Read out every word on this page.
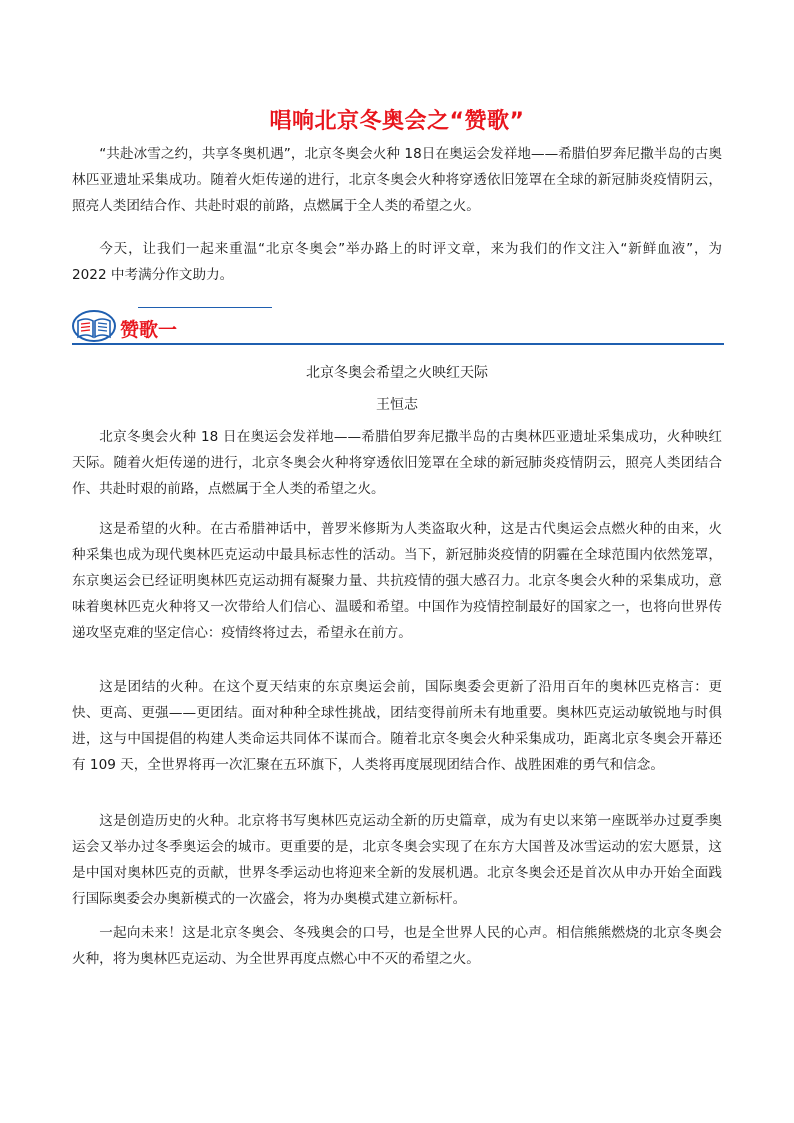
唱响北京冬奥会之“赞歌”

“共赴冰雪之约，共享冬奥机遇”，北京冬奥会火种 18日在奥运会发祥地——希腊伯罗奔尼撒半岛的古奥林匹亚遗址采集成功。随着火炬传递的进行，北京冬奥会火种将穿透依旧笼罩在全球的新冠肺炎疫情阴云，照亮人类团结合作、共赴时艰的前路，点燃属于全人类的希望之火。

今天，让我们一起来重温“北京冬奥会”举办路上的时评文章，来为我们的作文注入“新鲜血液”，为 2022 中考满分作文助力。

赞歌一
北京冬奥会希望之火映红天际
王恒志

北京冬奥会火种 18 日在奥运会发祥地——希腊伯罗奔尼撒半岛的古奥林匹亚遗址采集成功，火种映红天际。随着火炬传递的进行，北京冬奥会火种将穿透依旧笼罩在全球的新冠肺炎疫情阴云，照亮人类团结合作、共赴时艰的前路，点燃属于全人类的希望之火。

这是希望的火种。在古希腊神话中，普罗米修斯为人类盗取火种，这是古代奥运会点燃火种的由来，火种采集也成为现代奥林匹克运动中最具标志性的活动。当下，新冠肺炎疫情的阴霾在全球范围内依然笼罩，东京奥运会已经证明奥林匹克运动拥有凝聚力量、共抗疫情的强大感召力。北京冬奥会火种的采集成功，意味着奥林匹克火种将又一次带给人们信心、温暖和希望。中国作为疫情控制最好的国家之一，也将向世界传递攻坚克难的坚定信心：疫情终将过去，希望永在前方。

这是团结的火种。在这个夏天结束的东京奥运会前，国际奥委会更新了沿用百年的奥林匹克格言：更快、更高、更强——更团结。面对种种全球性挑战，团结变得前所未有地重要。奥林匹克运动敏锐地与时俱进，这与中国提倡的构建人类命运共同体不谋而合。随着北京冬奥会火种采集成功，距离北京冬奥会开幕还有 109 天，全世界将再一次汇聚在五环旗下，人类将再度展现团结合作、战胜困难的勇气和信念。

这是创造历史的火种。北京将书写奥林匹克运动全新的历史篇章，成为有史以来第一座既举办过夏季奥运会又举办过冬季奥运会的城市。更重要的是，北京冬奥会实现了在东方大国普及冰雪运动的宏大愿景，这是中国对奥林匹克的贡献，世界冬季运动也将迎来全新的发展机遇。北京冬奥会还是首次从申办开始全面践行国际奥委会办奥新模式的一次盛会，将为办奥模式建立新标杆。

一起向未来！这是北京冬奥会、冬残奥会的口号，也是全世界人民的心声。相信熊熊燃烧的北京冬奥会火种，将为奥林匹克运动、为全世界再度点燃心中不灭的希望之火。
